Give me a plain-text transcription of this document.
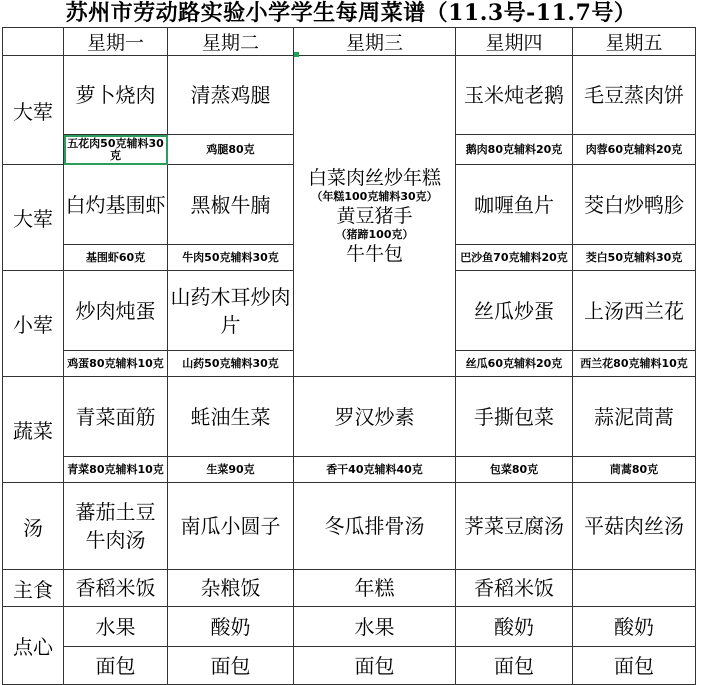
苏州市劳动路实验小学学生每周菜谱（11.3号-11.7号）
	星期一	星期二	星期三	星期四	星期五
大荤	萝卜烧肉	清蒸鸡腿	白菜肉丝炒年糕
（年糕100克辅料30克）
黄豆猪手
（猪蹄100克）
牛牛包	玉米炖老鹅	毛豆蒸肉饼
	五花肉50克辅料30克	鸡腿80克		鹅肉80克辅料20克	肉蓉60克辅料20克
大荤	白灼基围虾	黑椒牛腩		咖喱鱼片	茭白炒鸭胗
	基围虾60克	牛肉50克辅料30克		巴沙鱼70克辅料20克	茭白50克辅料30克
小荤	炒肉炖蛋	山药木耳炒肉片		丝瓜炒蛋	上汤西兰花
	鸡蛋80克辅料10克	山药50克辅料30克		丝瓜60克辅料20克	西兰花80克辅料10克
蔬菜	青菜面筋	蚝油生菜	罗汉炒素	手撕包菜	蒜泥茼蒿
	青菜80克辅料10克	生菜90克	香干40克辅料40克	包菜80克	茼蒿80克
汤	蕃茄土豆牛肉汤	南瓜小圆子	冬瓜排骨汤	荠菜豆腐汤	平菇肉丝汤
主食	香稻米饭	杂粮饭	年糕	香稻米饭	
点心	水果	酸奶	水果	酸奶	酸奶
	面包	面包	面包	面包	面包
